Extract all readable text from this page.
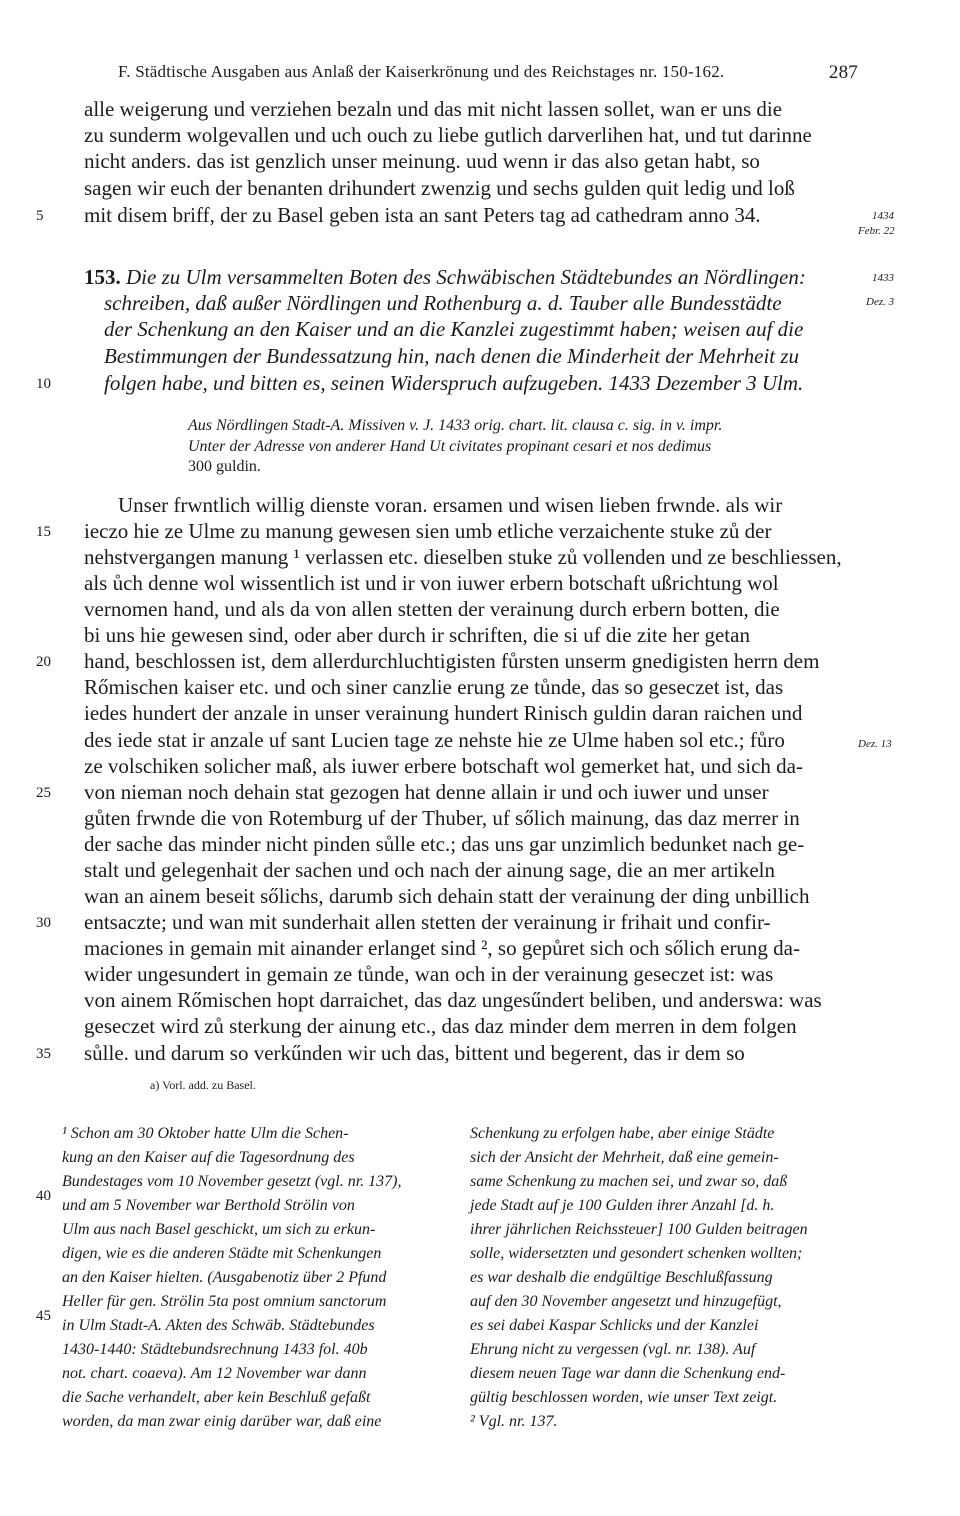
F. Städtische Ausgaben aus Anlaß der Kaiserkrönung und des Reichstages nr. 150-162.	287
alle weigerung und verziehen bezaln und das mit nicht lassen sollet, wan er uns die
zu sunderm wolgevallen und uch ouch zu liebe gutlich darverlihen hat, und tut darinne
nicht anders. das ist genzlich unser meinung. uud wenn ir das also getan habt, so
sagen wir euch der benanten drihundert zwenzig und sechs gulden quit ledig und loß
mit disem briff, der zu Basel geben ista an sant Peters tag ad cathedram anno 34.
5	1434
Febr. 22
153. Die zu Ulm versammelten Boten des Schwäbischen Städtebundes an Nördlingen:
schreiben, daß außer Nördlingen und Rothenburg a. d. Tauber alle Bundesstädte
der Schenkung an den Kaiser und an die Kanzlei zugestimmt haben; weisen auf die
Bestimmungen der Bundessatzung hin, nach denen die Minderheit der Mehrheit zu
folgen habe, und bitten es, seinen Widerspruch aufzugeben. 1433 Dezember 3 Ulm.
10
1433
Dez. 3
Aus Nördlingen Stadt-A. Missiven v. J. 1433 orig. chart. lit. clausa c. sig. in v. impr.
Unter der Adresse von anderer Hand Ut civitates propinant cesari et nos dedimus
300 guldin.
Unser frwntlich willig dienste voran. ersamen und wisen lieben frwnde. als wir
ieczo hie ze Ulme zu manung gewesen sien umb etliche verzaichente stuke zů der
15
nehstvergangen manung ¹ verlassen etc. dieselben stuke zů vollenden und ze beschliessen,
als ůch denne wol wissentlich ist und ir von iuwer erbern botschaft ußrichtung wol
vernomen hand, und als da von allen stetten der verainung durch erbern botten, die
bi uns hie gewesen sind, oder aber durch ir schriften, die si uf die zite her getan
hand, beschlossen ist, dem allerdurchluchtigisten fůrsten unserm gnedigisten herrn dem
20
Rőmischen kaiser etc. und och siner canzlie erung ze tůnde, das so geseczet ist, das
iedes hundert der anzale in unser verainung hundert Rinisch guldin daran raichen und
des iede stat ir anzale uf sant Lucien tage ze nehste hie ze Ulme haben sol etc.; fůro	Dez. 13
ze volschiken solicher maß, als iuwer erbere botschaft wol gemerket hat, und sich da-
von nieman noch dehain stat gezogen hat denne allain ir und och iuwer und unser
25
gůten frwnde die von Rotemburg uf der Thuber, uf sőlich mainung, das daz merrer in
der sache das minder nicht pinden sůlle etc.; das uns gar unzimlich bedunket nach ge-
stalt und gelegenhait der sachen und och nach der ainung sage, die an mer artikeln
wan an ainem beseit sőlichs, darumb sich dehain statt der verainung der ding unbillich
entsaczte; und wan mit sunderhait allen stetten der verainung ir frihait und confir-
30
maciones in gemain mit ainander erlanget sind ², so gepůret sich och sőlich erung da-
wider ungesundert in gemain ze tůnde, wan och in der verainung geseczet ist: was
von ainem Rőmischen hopt darraichet, das daz ungesűndert beliben, und anderswa: was
geseczet wird zů sterkung der ainung etc., das daz minder dem merren in dem folgen
sůlle. und darum so verkűnden wir uch das, bittent und begerent, das ir dem so
35
a) Vorl. add. zu Basel.
¹ Schon am 30 Oktober hatte Ulm die Schen-
kung an den Kaiser auf die Tagesordnung des
Bundestages vom 10 November gesetzt (vgl. nr. 137),
und am 5 November war Berthold Strölin von
Ulm aus nach Basel geschickt, um sich zu erkun-
digen, wie es die anderen Städte mit Schenkungen
an den Kaiser hielten. (Ausgabenotiz über 2 Pfund
Heller für gen. Strölin 5ta post omnium sanctorum
in Ulm Stadt-A. Akten des Schwäb. Städtebundes
1430-1440: Städtebundsrechnung 1433 fol. 40b
not. chart. coaeva). Am 12 November war dann
die Sache verhandelt, aber kein Beschluß gefaßt
worden, da man zwar einig darüber war, daß eine
40
45
Schenkung zu erfolgen habe, aber einige Städte
sich der Ansicht der Mehrheit, daß eine gemein-
same Schenkung zu machen sei, und zwar so, daß
jede Stadt auf je 100 Gulden ihrer Anzahl [d. h.
ihrer jährlichen Reichssteuer] 100 Gulden beitragen
solle, widersetzten und gesondert schenken wollten;
es war deshalb die endgültige Beschlußfassung
auf den 30 November angesetzt und hinzugefügt,
es sei dabei Kaspar Schlicks und der Kanzlei
Ehrung nicht zu vergessen (vgl. nr. 138). Auf
diesem neuen Tage war dann die Schenkung end-
gültig beschlossen worden, wie unser Text zeigt.
² Vgl. nr. 137.
